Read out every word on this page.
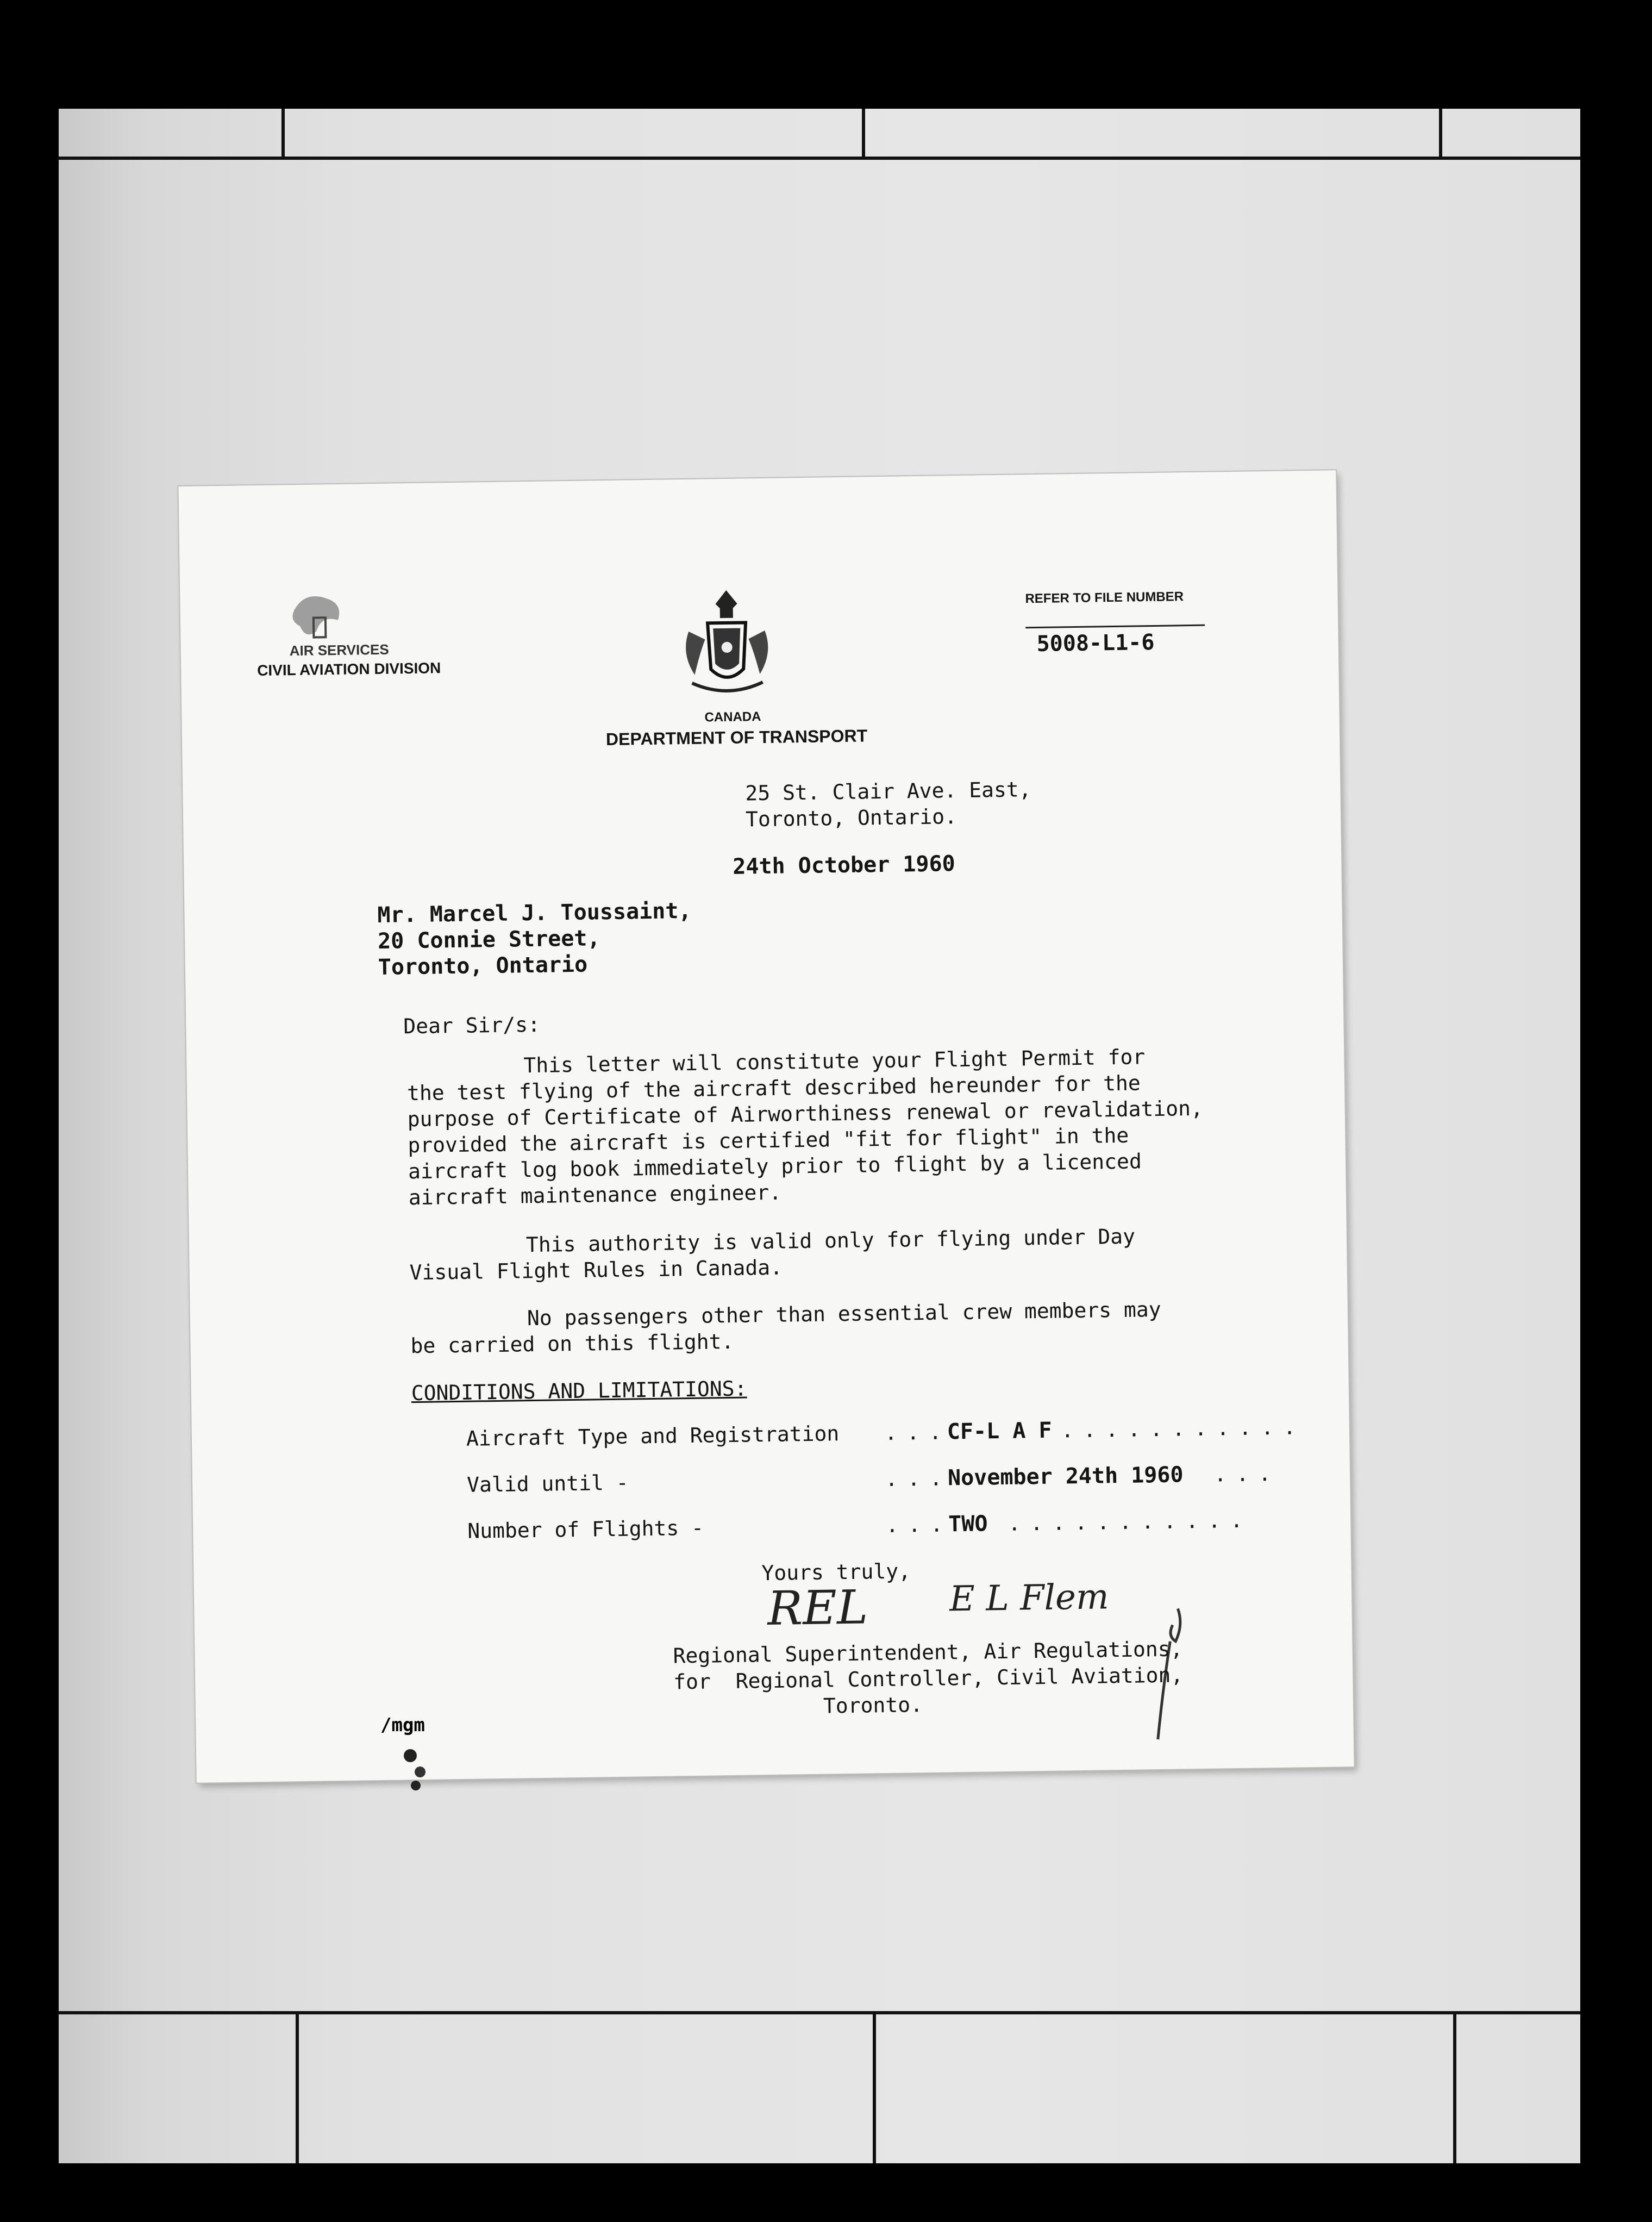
AIR SERVICES
CIVIL AVIATION DIVISION
CANADA
DEPARTMENT OF TRANSPORT
REFER TO FILE NUMBER
5008-L1-6
25 St. Clair Ave. East,
Toronto, Ontario.
24th October 1960
Mr. Marcel J. Toussaint,
20 Connie Street,
Toronto, Ontario
Dear Sir/s:
This letter will constitute your Flight Permit for
the test flying of the aircraft described hereunder for the
purpose of Certificate of Airworthiness renewal or revalidation,
provided the aircraft is certified "fit for flight" in the
aircraft log book immediately prior to flight by a licenced
aircraft maintenance engineer.
This authority is valid only for flying under Day
Visual Flight Rules in Canada.
No passengers other than essential crew members may
be carried on this flight.
CONDITIONS AND LIMITATIONS:
Aircraft Type and Registration ...
CF-L A F ...........
Valid until -	...
November 24th 1960 ...
Number of Flights -	...
TWO ...........
Yours truly,
REL E L Flem
Regional Superintendent, Air Regulations,
for  Regional Controller, Civil Aviation,
Toronto.
/mgm
